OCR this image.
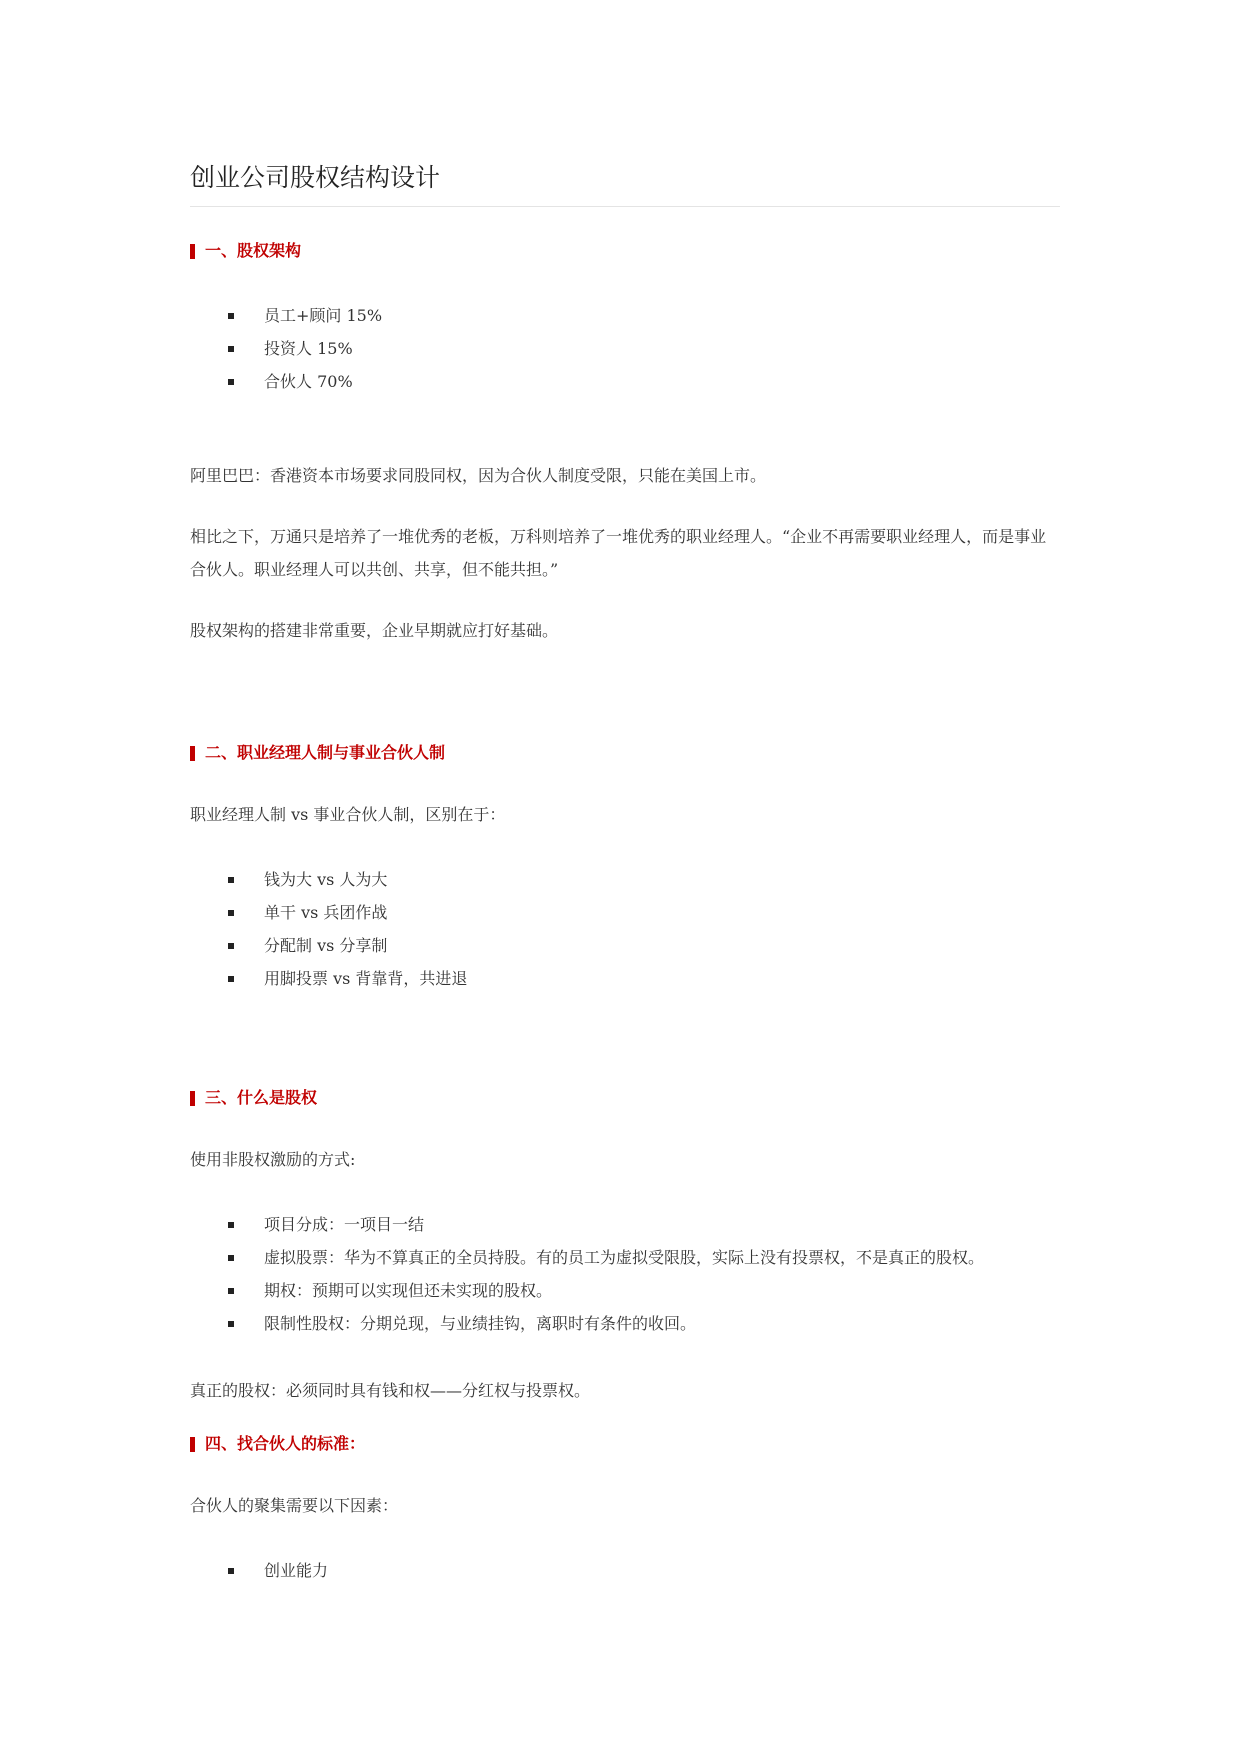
创业公司股权结构设计
一、股权架构
员工+顾问 15%
投资人 15%
合伙人 70%

阿里巴巴：香港资本市场要求同股同权，因为合伙人制度受限，只能在美国上市。

相比之下，万通只是培养了一堆优秀的老板，万科则培养了一堆优秀的职业经理人。“企业不再需要职业经理人，而是事业合伙人。职业经理人可以共创、共享，但不能共担。”

股权架构的搭建非常重要，企业早期就应打好基础。

二、职业经理人制与事业合伙人制

职业经理人制 vs 事业合伙人制，区别在于：

钱为大 vs 人为大
单干 vs 兵团作战
分配制 vs 分享制
用脚投票 vs 背靠背，共进退
三、什么是股权

使用非股权激励的方式:

项目分成：一项目一结
虚拟股票：华为不算真正的全员持股。有的员工为虚拟受限股，实际上没有投票权，不是真正的股权。
期权：预期可以实现但还未实现的股权。
限制性股权：分期兑现，与业绩挂钩，离职时有条件的收回。

真正的股权：必须同时具有钱和权——分红权与投票权。

四、找合伙人的标准：

合伙人的聚集需要以下因素：

创业能力
